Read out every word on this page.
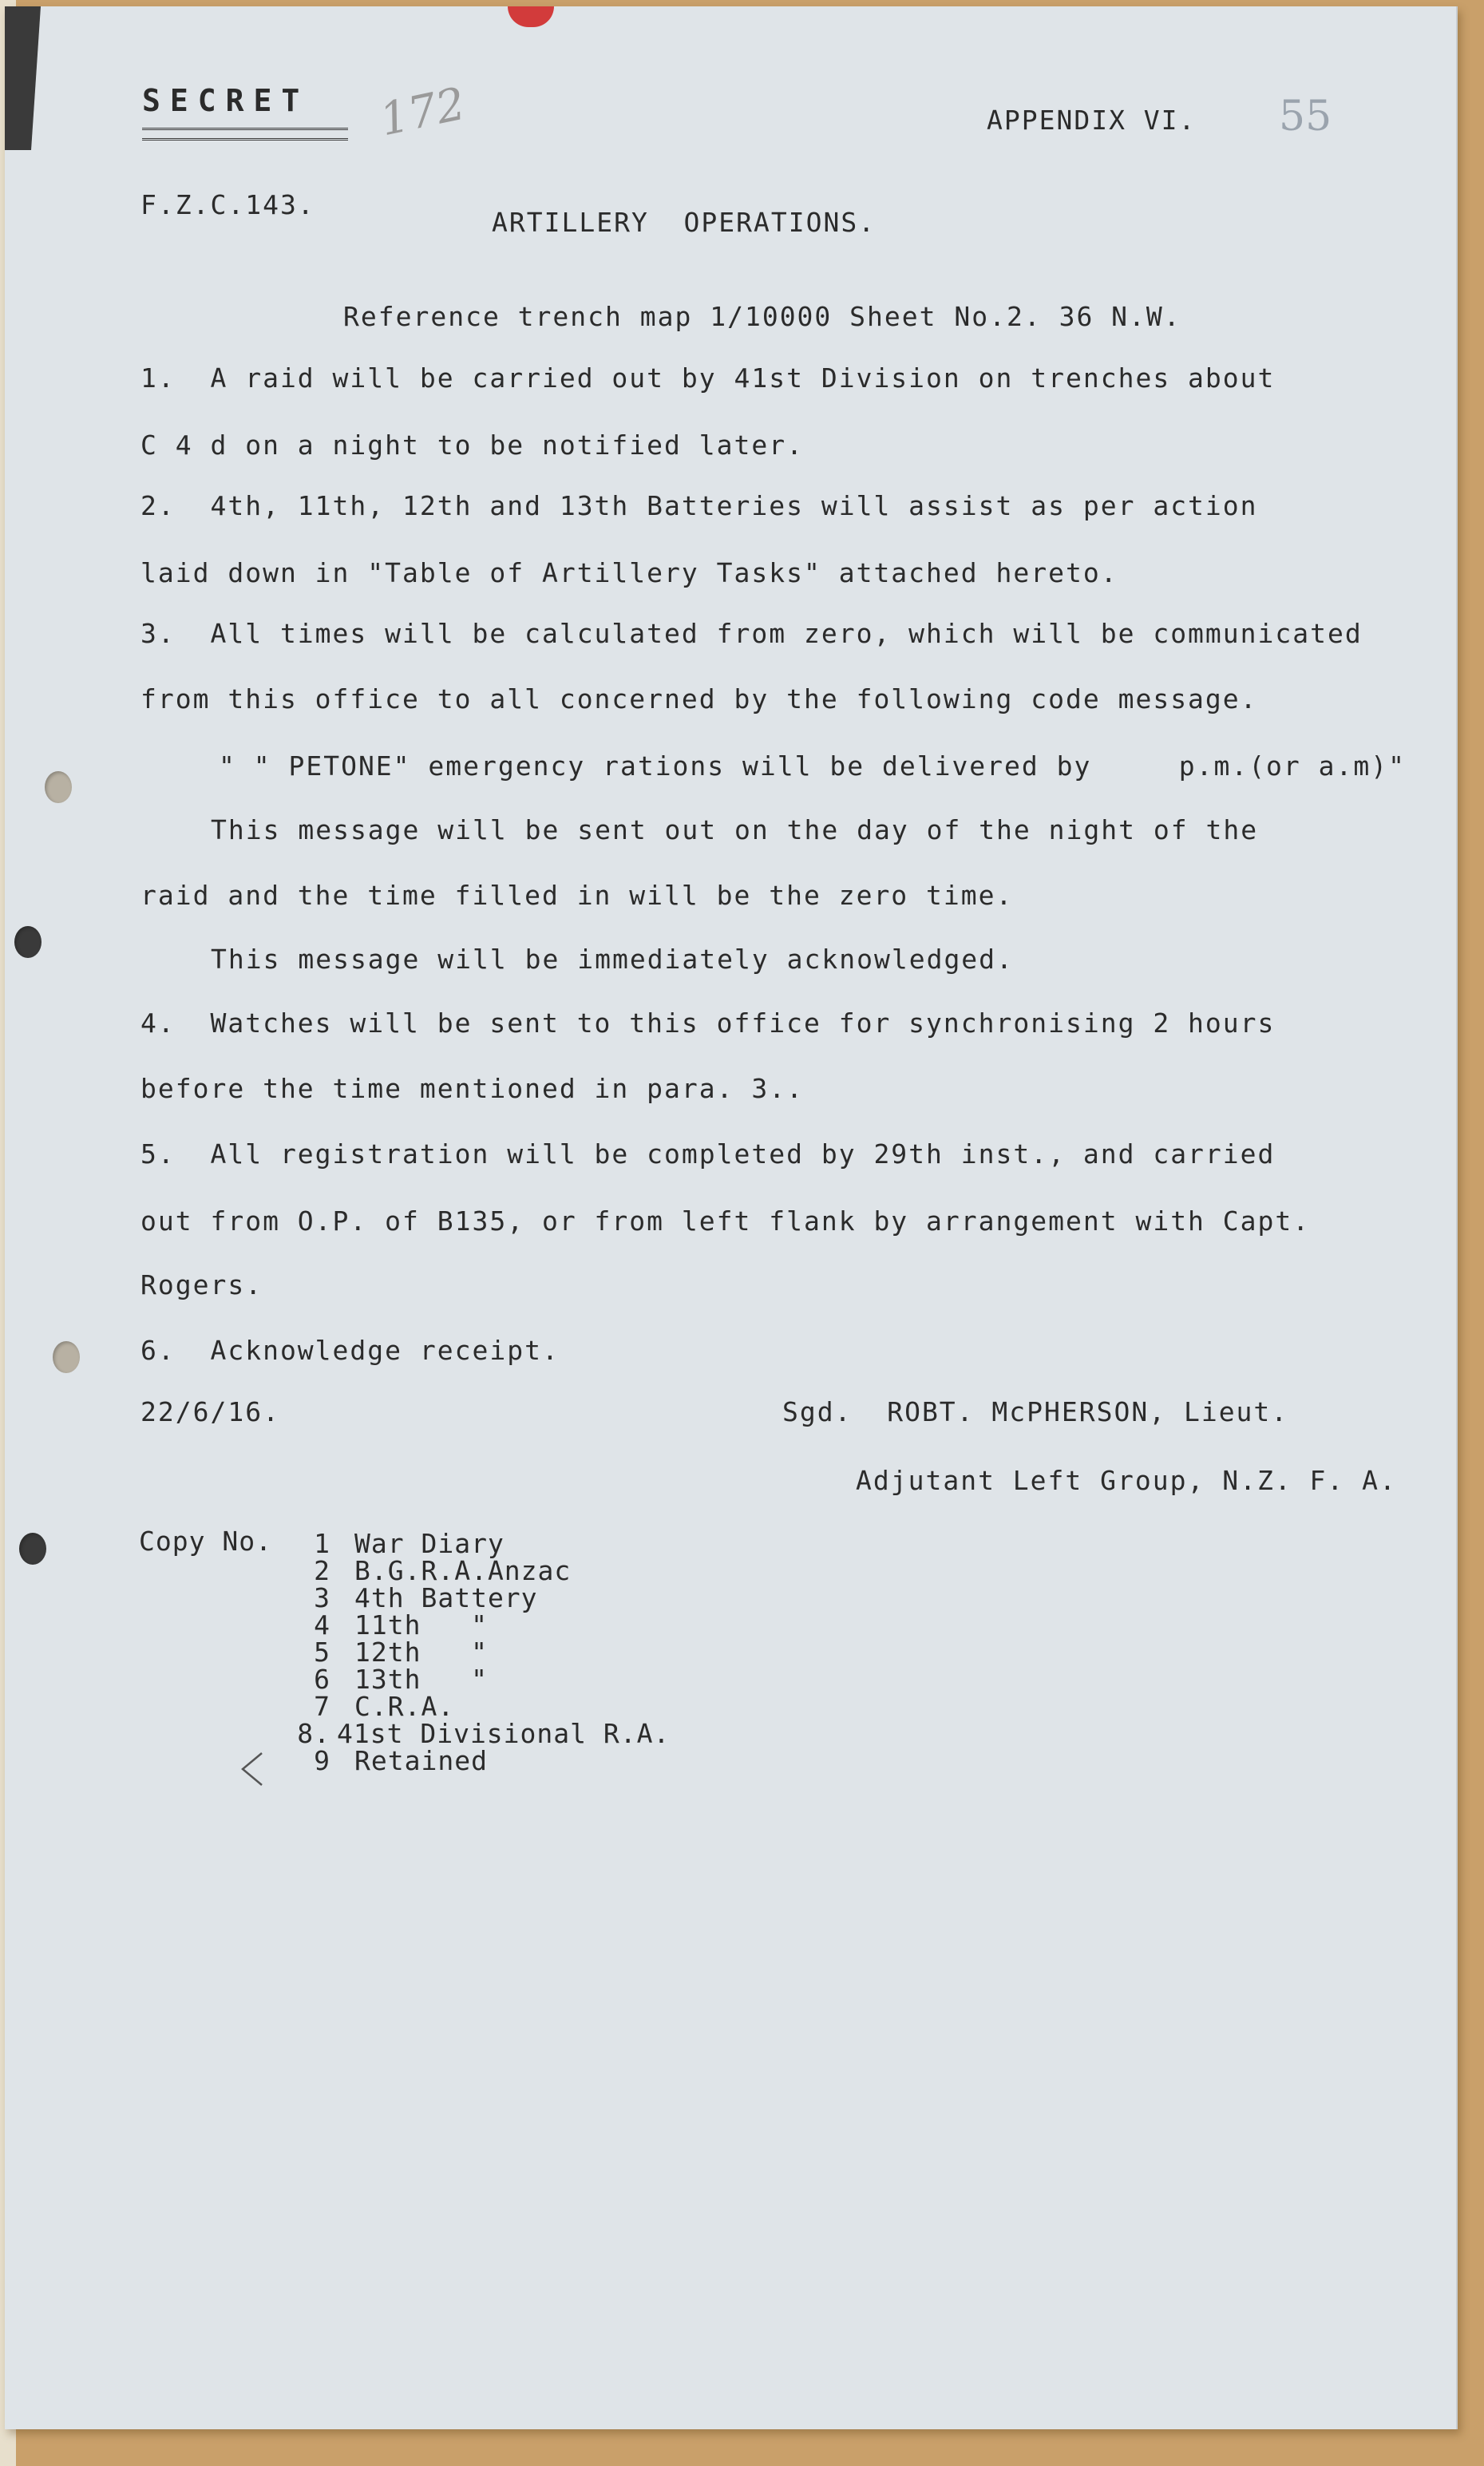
SECRET 172	APPENDIX VI. 55
F.Z.C.143.
ARTILLERY  OPERATIONS.
Reference trench map 1/10000 Sheet No.2. 36 N.W.
1.  A raid will be carried out by 41st Division on trenches about
C 4 d on a night to be notified later.
2.  4th, 11th, 12th and 13th Batteries will assist as per action
laid down in "Table of Artillery Tasks" attached hereto.
3.  All times will be calculated from zero, which will be communicated
from this office to all concerned by the following code message.
" " PETONE" emergency rations will be delivered by     p.m.(or a.m)"
This message will be sent out on the day of the night of the
raid and the time filled in will be the zero time.
This message will be immediately acknowledged.
4.  Watches will be sent to this office for synchronising 2 hours
before the time mentioned in para. 3..
5.  All registration will be completed by 29th inst., and carried
out from O.P. of B135, or from left flank by arrangement with Capt.
Rogers.
6.  Acknowledge receipt.
22/6/16.	Sgd.  ROBT. McPHERSON, Lieut.
Adjutant Left Group, N.Z. F. A.
Copy No.	1 War Diary
2 B.G.R.A.Anzac
3 4th Battery
4 11th   "
5 12th   "
6 13th   "
7 C.R.A.
8. 41st Divisional R.A.
9 Retained
